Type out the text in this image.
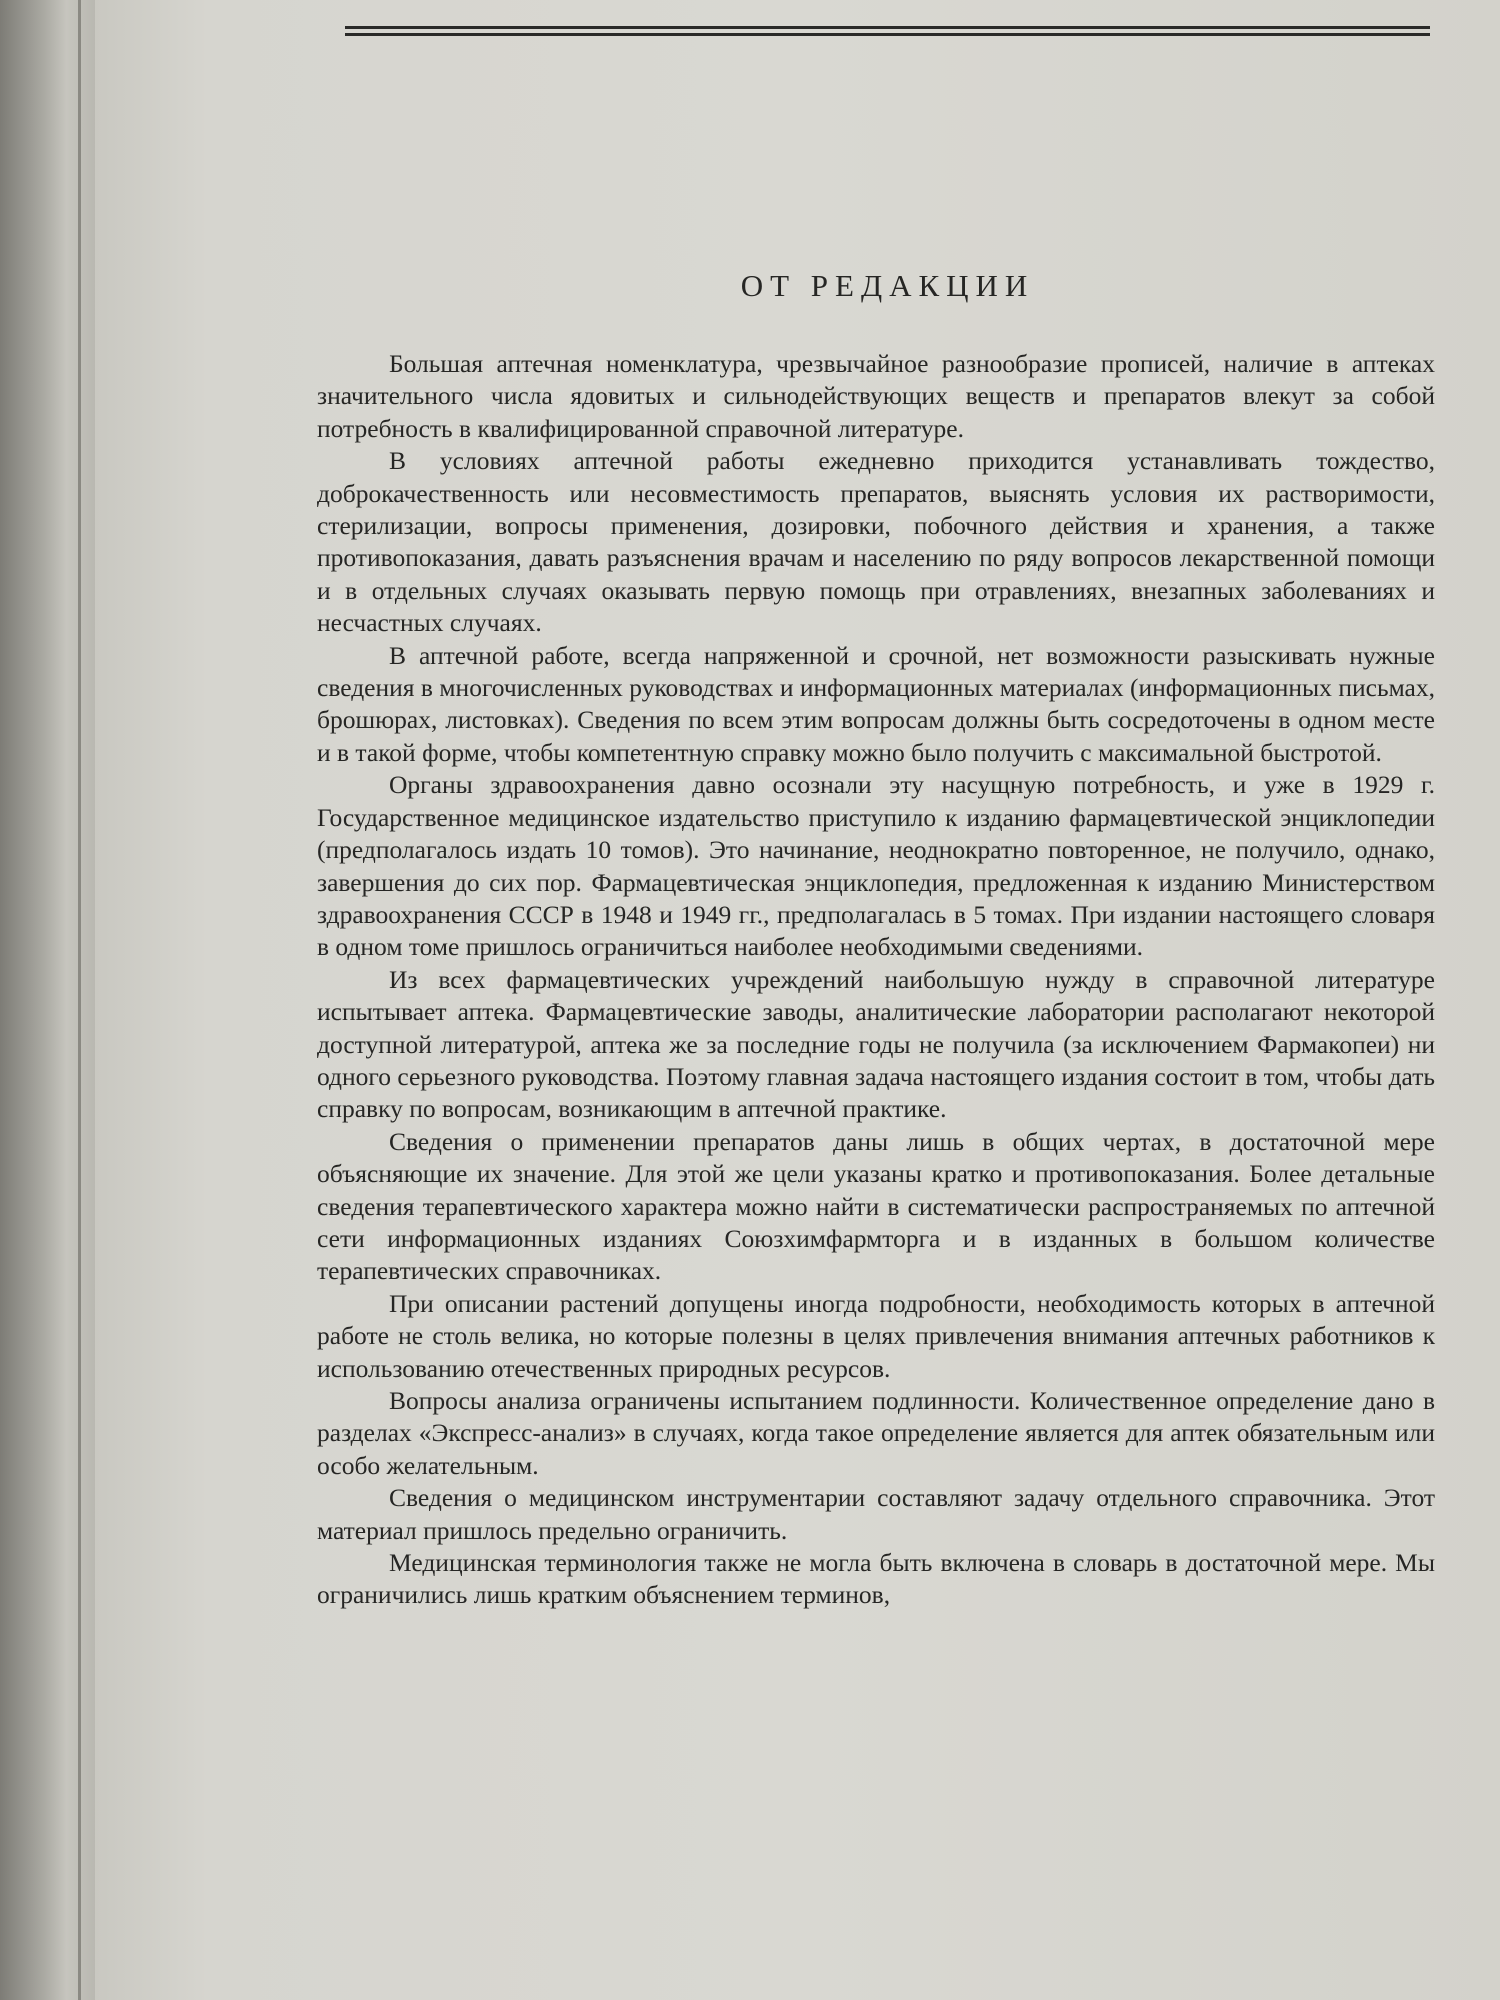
ОТ РЕДАКЦИИ

Большая аптечная номенклатура, чрезвычайное разнообразие прописей, наличие в аптеках значительного числа ядовитых и сильнодействующих веществ и препаратов влекут за собой потребность в квалифицированной справочной литературе.

В условиях аптечной работы ежедневно приходится устанавливать тождество, доброкачественность или несовместимость препаратов, выяснять условия их растворимости, стерилизации, вопросы применения, дозировки, побочного действия и хранения, а также противопоказания, давать разъяснения врачам и населению по ряду вопросов лекарственной помощи и в отдельных случаях оказывать первую помощь при отравлениях, внезапных заболеваниях и несчастных случаях.

В аптечной работе, всегда напряженной и срочной, нет возможности разыскивать нужные сведения в многочисленных руководствах и информационных материалах (информационных письмах, брошюрах, листовках). Сведения по всем этим вопросам должны быть сосредоточены в одном месте и в такой форме, чтобы компетентную справку можно было получить с максимальной быстротой.

Органы здравоохранения давно осознали эту насущную потребность, и уже в 1929 г. Государственное медицинское издательство приступило к изданию фармацевтической энциклопедии (предполагалось издать 10 томов). Это начинание, неоднократно повторенное, не получило, однако, завершения до сих пор. Фармацевтическая энциклопедия, предложенная к изданию Министерством здравоохранения СССР в 1948 и 1949 гг., предполагалась в 5 томах. При издании настоящего словаря в одном томе пришлось ограничиться наиболее необходимыми сведениями.

Из всех фармацевтических учреждений наибольшую нужду в справочной литературе испытывает аптека. Фармацевтические заводы, аналитические лаборатории располагают некоторой доступной литературой, аптека же за последние годы не получила (за исключением Фармакопеи) ни одного серьезного руководства. Поэтому главная задача настоящего издания состоит в том, чтобы дать справку по вопросам, возникающим в аптечной практике.

Сведения о применении препаратов даны лишь в общих чертах, в достаточной мере объясняющие их значение. Для этой же цели указаны кратко и противопоказания. Более детальные сведения терапевтического характера можно найти в систематически распространяемых по аптечной сети информационных изданиях Союзхимфармторга и в изданных в большом количестве терапевтических справочниках.

При описании растений допущены иногда подробности, необходимость которых в аптечной работе не столь велика, но которые полезны в целях привлечения внимания аптечных работников к использованию отечественных природных ресурсов.

Вопросы анализа ограничены испытанием подлинности. Количественное определение дано в разделах «Экспресс-анализ» в случаях, когда такое определение является для аптек обязательным или особо желательным.

Сведения о медицинском инструментарии составляют задачу отдельного справочника. Этот материал пришлось предельно ограничить.

Медицинская терминология также не могла быть включена в словарь в достаточной мере. Мы ограничились лишь кратким объяснением терминов,
